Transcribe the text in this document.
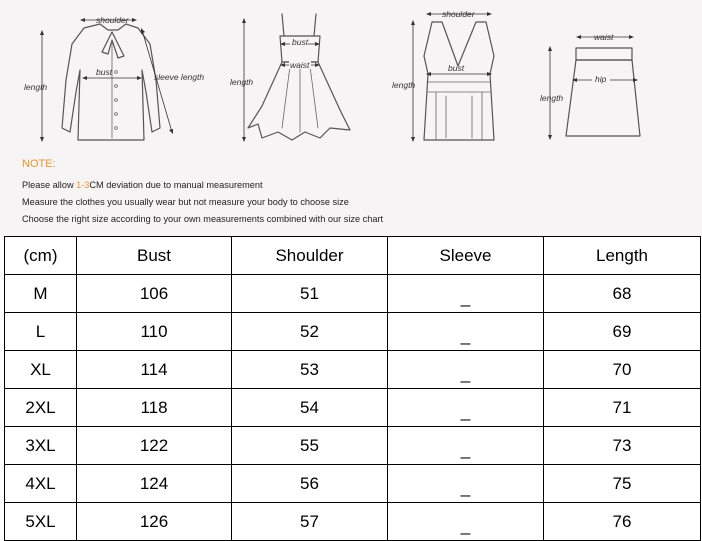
shoulder
length
bust	sleeve length	length
bust
waist
shoulder
length
bust
waist
length
hip
NOTE:
Please allow 1-3CM deviation due to manual measurement
Measure the clothes you usually wear but not measure your body to choose size
Choose the right size according to your own measurements combined with our size chart
(cm)	Bust	Shoulder	Sleeve	Length
M	106	51	_	68
L	110	52	_	69
XL	114	53	_	70
2XL	118	54	_	71
3XL	122	55	_	73
4XL	124	56	_	75
5XL	126	57	_	76
